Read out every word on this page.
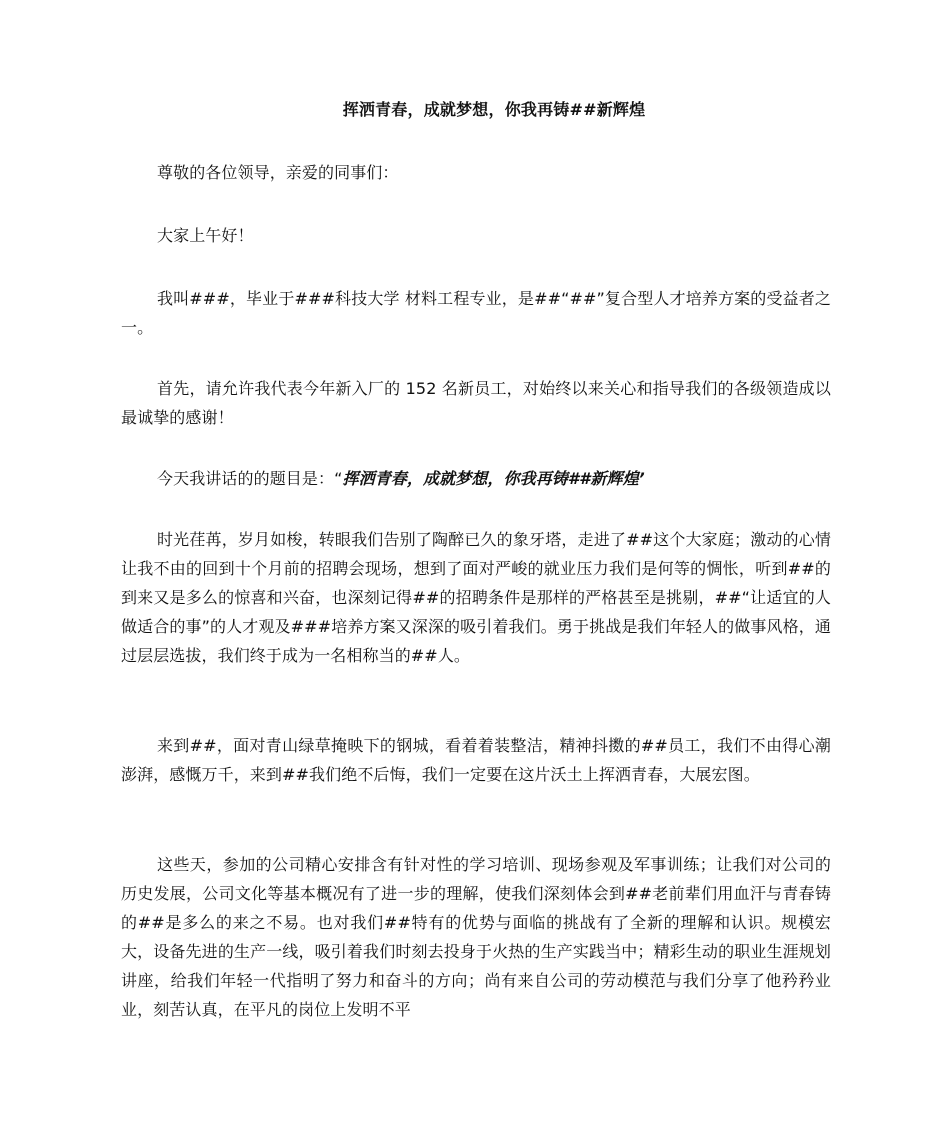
挥洒青春，成就梦想，你我再铸##新辉煌

尊敬的各位领导，亲爱的同事们：

大家上午好！

我叫###，毕业于###科技大学 材料工程专业，是##“##”复合型人才培养方案的受益者之一。

首先，请允许我代表今年新入厂的 152 名新员工，对始终以来关心和指导我们的各级领造成以最诚挚的感谢！

今天我讲话的的题目是：“挥洒青春，成就梦想，你我再铸##新辉煌’

时光荏苒，岁月如梭，转眼我们告别了陶醉已久的象牙塔，走进了##这个大家庭；激动的心情让我不由的回到十个月前的招聘会现场，想到了面对严峻的就业压力我们是何等的惆怅，听到##的到来又是多么的惊喜和兴奋，也深刻记得##的招聘条件是那样的严格甚至是挑剔，##“让适宜的人做适合的事”的人才观及###培养方案又深深的吸引着我们。勇于挑战是我们年轻人的做事风格，通过层层选拔，我们终于成为一名相称当的##人。

来到##，面对青山绿草掩映下的钢城，看着着装整洁，精神抖擞的##员工，我们不由得心潮澎湃，感慨万千，来到##我们绝不后悔，我们一定要在这片沃土上挥洒青春，大展宏图。

这些天，参加的公司精心安排含有针对性的学习培训、现场参观及军事训练；让我们对公司的历史发展，公司文化等基本概况有了进一步的理解，使我们深刻体会到##老前辈们用血汗与青春铸的##是多么的来之不易。也对我们##特有的优势与面临的挑战有了全新的理解和认识。规模宏大，设备先进的生产一线，吸引着我们时刻去投身于火热的生产实践当中；精彩生动的职业生涯规划讲座，给我们年轻一代指明了努力和奋斗的方向；尚有来自公司的劳动模范与我们分享了他矜矜业业，刻苦认真，在平凡的岗位上发明不平
